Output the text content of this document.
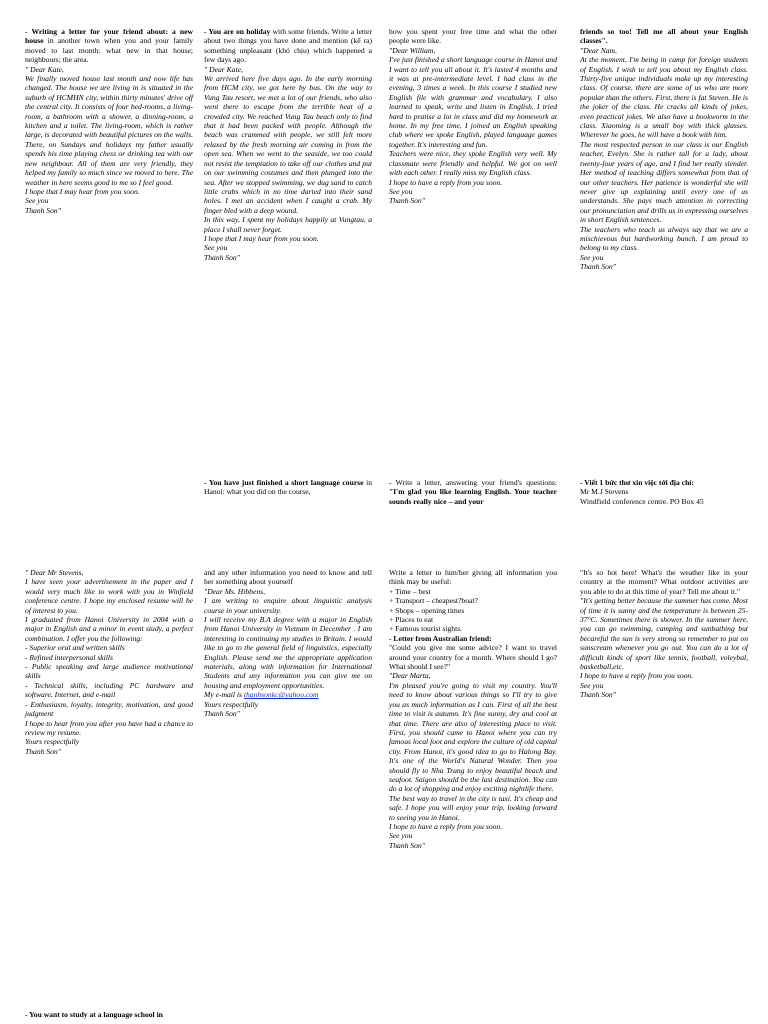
- Writing a letter for your friend about: a new house in another town when you and your family moved to last month: what new in that house; neighbours; the area.

" Dear Kate,

We finally moved house last month and now life has changed. The house we are living in is situated in the suburb of HCMHN city, within thirty minutes' drive off the central city. It consists of four bed-rooms, a living-room, a bathroom with a shower, a dinning-room, a kitchen and a toilet. The living-room, which is rather large, is decorated with beautiful pictures on the walls. There, on Sundays and holidays my father usually spends his time playing chess or drinking tea with our new neighbour. All of them are very friendly, they helped my family so much since we moved to here. The weather in here seems good to me so I feel good.

I hope that I may hear from you soon.

See you

Thanh Son"

- You are on holiday with some friends. Write a letter about two things you have done and mention (kể ra) something unpleasant (khó chịu) which happened a few days ago.

" Dear Kate,

We arrived here five days ago. In the early morning from HCM city, we got here by bus. On the way to Vung Tau resort, we met a lot of our friends, who also went there to escape from the terrible heat of a crowded city. We reached Vung Tau beach only to find that it had been packed with people. Although the beach was crammed with people, we still felt more relaxed by the fresh morning air coming in from the open sea. When we went to the seaside, we too could not resist the temptation to take off our clothes and put on our swimming costumes and then plunged into the sea. After we stopped swimming, we dug sand to catch little crabs which in no time darted into their sand holes. I met an accident when I caught a crab. My finger bled with a deep wound.

In this way, I spent my holidays happily at Vungtau, a place I shall never forget.

I hope that I may hear from you soon.

See you

Thanh Son"

how you spent your free time and what the other people were like.

"Dear William,

I've just finished a short language course in Hanoi and I want to tell you all about it. It's lasted 4 months and it was at pre-intermediate level. I had class in the evening, 3 times a week. In this course I studied new English file with grammar and vocabulary. I also learned to speak, write and listen in English. I tried hard to pratise a lot in class and did my homework at home. In my free time, I joined an English speaking club where we spoke English, played language games together. It's interesting and fun.

Teachers were nice, they spoke English very well. My classmate were friendly and helpful. We got on well with each other. I really miss my English class.

I hope to have a reply from you soon.

See you

Thanh Son"

friends so too! Tell me all about your English classes".

"Dear Nam,

At the moment, I'm being in camp for foreign students of English. I wish to tell you about my English class. Thirty-five unique individuals make up my interesting class. Of course, there are some of us who are more popular than the others. First, there is fat Steven. He is the joker of the class. He cracks all kinds of jokes, even practical jokes. We also have a bookworm in the class. Xiaoming is a small boy with thick glasses. Wherever he goes, he will have a book with him.

The most respected person in our class is our English teacher, Evelyn. She is rather tall for a lady, about twenty-four years of age, and I find her really slender. Her method of teaching differs somewhat from that of our other teachers. Her patience is wonderful she will never give up explaining until every one of us understands. She pays much attention in correcting our pronunciation and drills us in expressing ourselves in short English sentences.

The teachers who teach us always say that we are a mischievous but hardworking bunch. I am proud to belong to my class.

See you

Thanh Son"

- You have just finished a short language course in Hanoi: what you did on the course,

- Write a letter, answering your friend's questions: "I'm glad you like learning English. Your teacher sounds really nice – and your

- Viết 1 bức thư xin việc tới địa chỉ:

Mr M.J Stevens

Windfield conference centre. PO Box 45

" Dear Mr Stevens,

I have seen your advertisement in the paper and I would very much like to work with you in Winfield conference centre. I hope my enclosed resume will be of interest to you.

I graduated from Hanoi University in 2004 with a major in English and a minor in event study, a perfect combination. I offer you the following:

- Superior oral and written skills

- Refined interpersonal skills

- Public speaking and large audience motivational skills

- Technical skills, including PC hardware and software, Internet, and e-mail

- Enthusiasm, loyalty, integrity, motivation, and good judgment

I hope to hear from you after you have had a chance to review my resume.

Yours respectfully

Thanh Son"

and any other information you need to know and tell her something about yourself

"Dear Ms. Hibbens,

I am writing to enquire about linguistic analysis course in your university.

I will receive my B.A degree with a major in English from Hanoi University in Vietnam in December . I am interesting in continuing my studies in Britain. I would like to go to the general field of linguistics, especially English. Please send me the appropriate application materials, along with information for International Students and any information you can give me on housing and employment opportunities.

My e-mail is thanhsonkc@yahoo.com

Yours respectfully

Thanh Son"

Write a letter to him/her giving all information you think may be useful:

+ Time – best

+ Transport – cheapest?boat?

+ Shops – opening times

+ Places to eat

+ Famous tourist sights.

- Letter from Australian friend:

"Could you give me some advice? I want to travel around your country for a month. Where should I go? What should I see?"

"Dear Marta,

I'm pleased you're going to visit my country. You'll need to know about various things so I'll try to give you as much information as I can. First of all the best time to visit is autumn. It's fine sunny, dry and cool at that time. There are also of interesting place to visit. First, you should came to Hanoi where you can try famous local foot and explore the culture of old capital city. From Hanoi, it's good idea to go to Halong Bay. It's one of the World's Natural Wonder. Then you should fly to Nha Trang to enjoy beautiful beach and seafoot. Saigon should be the last destination. You can do a lot of shopping and enjoy exciting nightlife there.

The best way to travel in the city is taxi. It's cheap and safe. I hope you will enjoy your trip, looking forward to seeing you in Hanoi.

I hope to have a reply from you soon.

See you

Thanh Son"

"It's so hot here! What's the weather like in your country at the moment? What outdoor activities are you able to do at this time of year? Tell me about it."

"It's getting better because the summer has come. Most of time it is sunny and the temperature is between 25-37°C. Sometimes there is shower. In the summer here, you can go swimming, camping and sunbathing but becareful the sun is very strong so remember to put on sunscream whenever you go out. You can do a lot of difficult kinds of sport like tennis, football, voleybal, basketball,etc.

I hope to have a reply from you soon.

See you

Thanh Son"

- You want to study at a language school in
